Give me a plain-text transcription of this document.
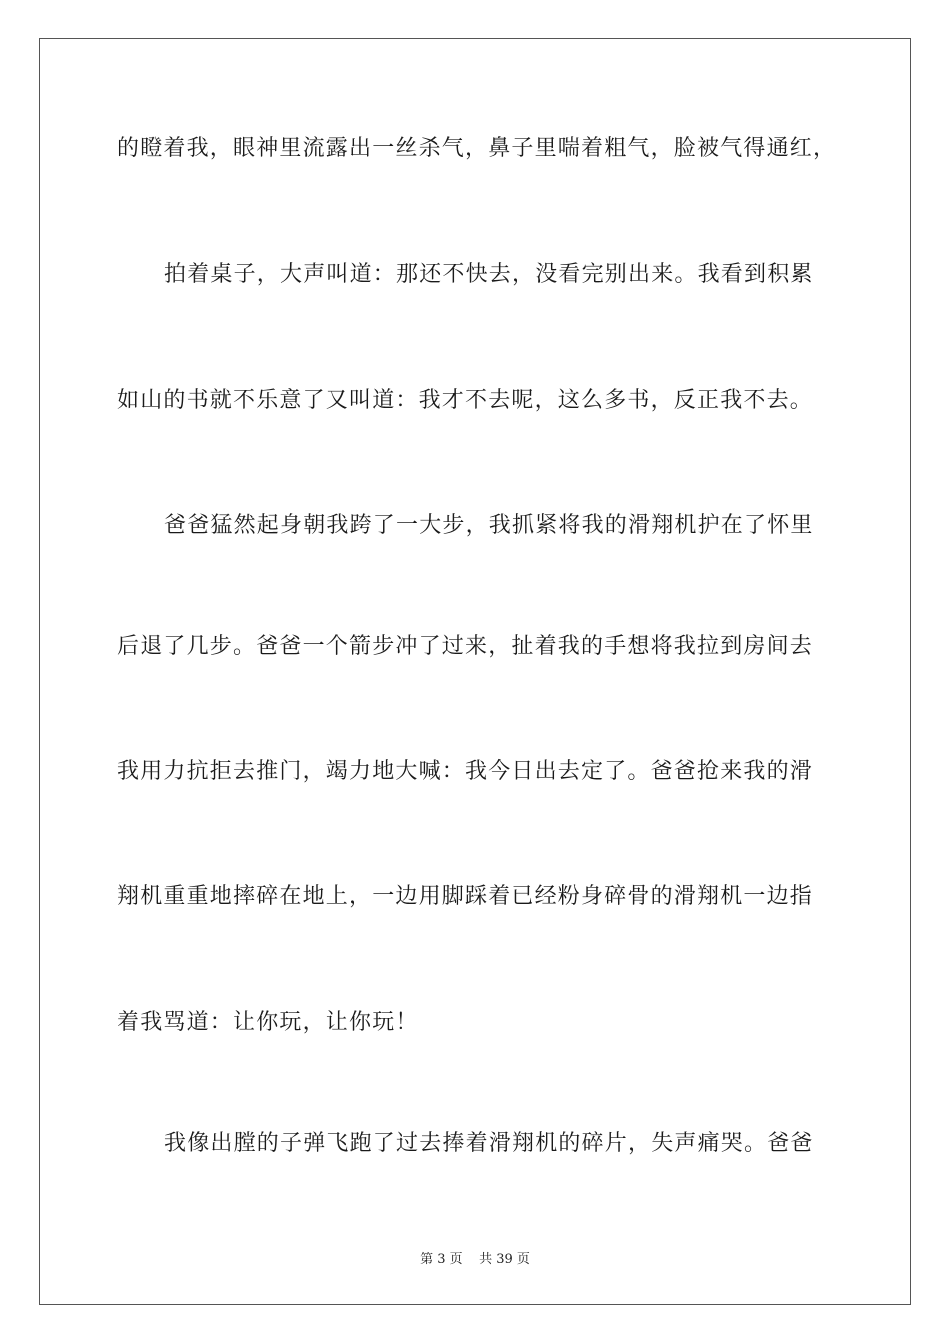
的瞪着我，眼神里流露出一丝杀气，鼻子里喘着粗气，脸被气得通红，
拍着桌子，大声叫道：那还不快去，没看完别出来。我看到积累
如山的书就不乐意了又叫道：我才不去呢，这么多书，反正我不去。
爸爸猛然起身朝我跨了一大步，我抓紧将我的滑翔机护在了怀里
后退了几步。爸爸一个箭步冲了过来，扯着我的手想将我拉到房间去
我用力抗拒去推门，竭力地大喊：我今日出去定了。爸爸抢来我的滑
翔机重重地摔碎在地上，一边用脚踩着已经粉身碎骨的滑翔机一边指
着我骂道：让你玩，让你玩！
我像出膛的子弹飞跑了过去捧着滑翔机的碎片，失声痛哭。爸爸
第 3 页    共 39 页
